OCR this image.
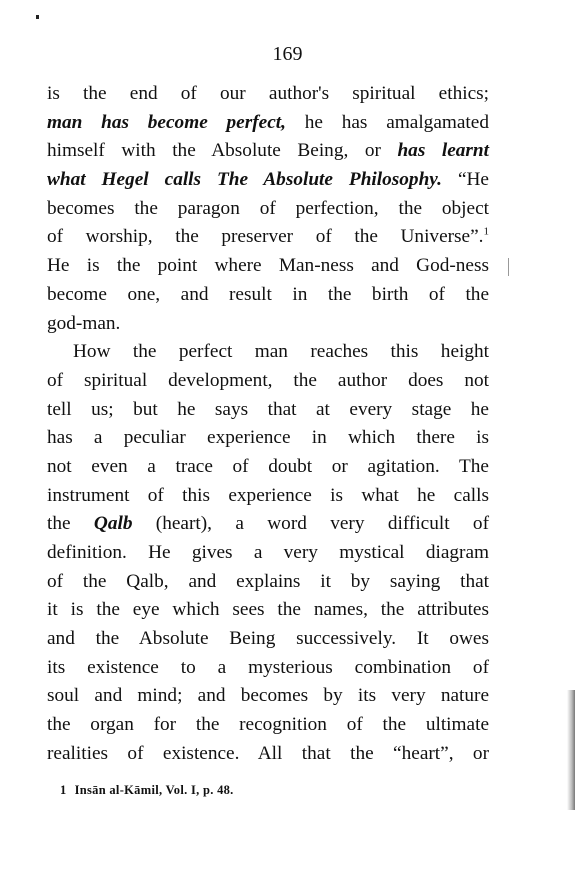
169
is the end of our author's spiritual ethics;
man has become perfect, he has amalgamated
himself with the Absolute Being, or has learnt
what Hegel calls The Absolute Philosophy. “He
becomes the paragon of perfection, the object
of worship, the preserver of the Universe”.$^1$
He is the point where Man-ness and God-ness
become one, and result in the birth of the
god-man.
How the perfect man reaches this height
of spiritual development, the author does not
tell us; but he says that at every stage he
has a peculiar experience in which there is
not even a trace of doubt or agitation. The
instrument of this experience is what he calls
the Qalb (heart), a word very difficult of
definition. He gives a very mystical diagram
of the Qalb, and explains it by saying that
it is the eye which sees the names, the attributes
and the Absolute Being successively. It owes
its existence to a mysterious combination of
soul and mind; and becomes by its very nature
the organ for the recognition of the ultimate
realities of existence. All that the “heart”, or
1 Insān al-Kāmil, Vol. I, p. 48.
